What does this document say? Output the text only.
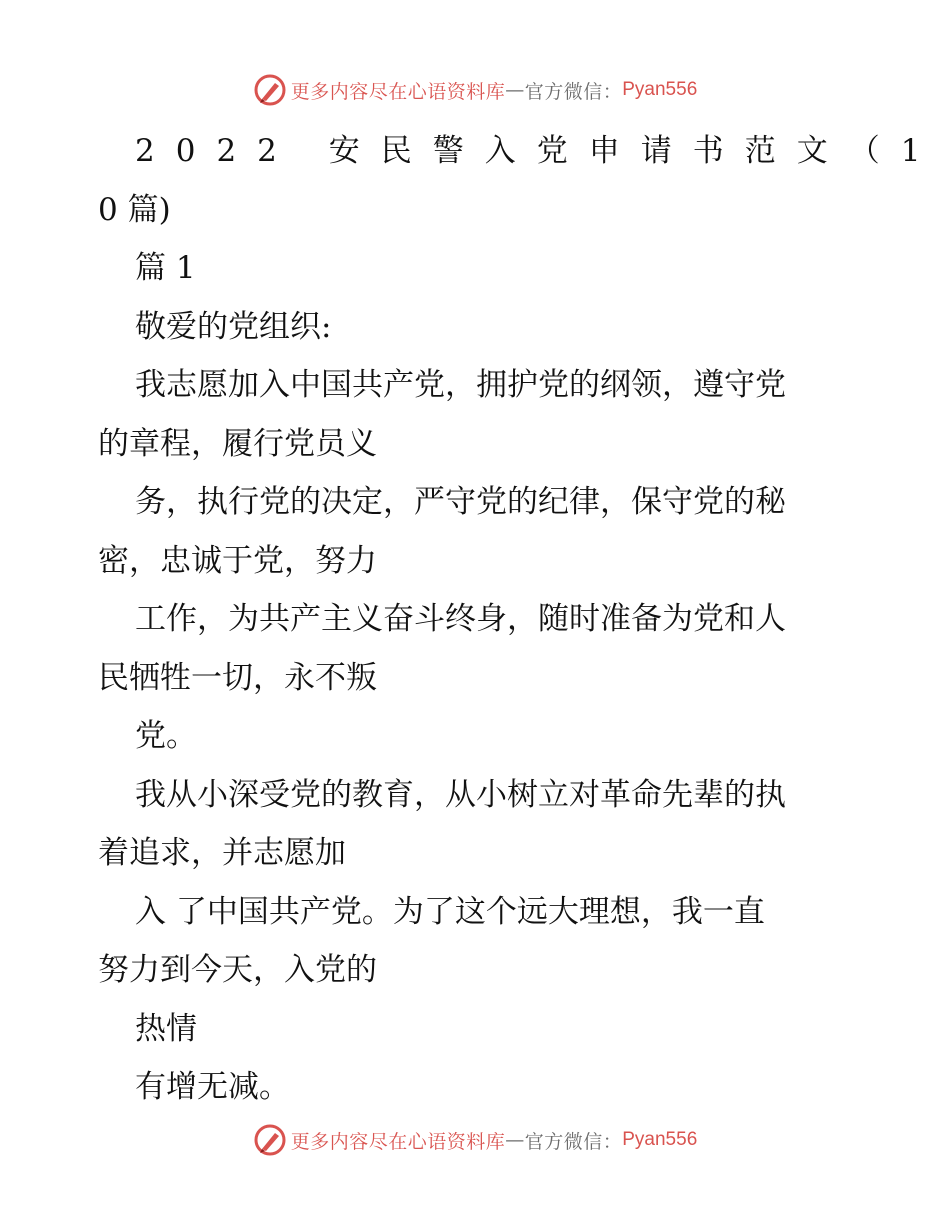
更多内容尽在心语资料库 — 官方微信： Pyan556
2022 安民警入党申请书范文（1
0 篇)
篇 1
敬爱的党组织:
我志愿加入中国共产党，拥护党的纲领，遵守党
的章程，履行党员义
务，执行党的决定，严守党的纪律，保守党的秘
密，忠诚于党，努力
工作，为共产主义奋斗终身，随时准备为党和人
民牺牲一切，永不叛
党。
我从小深受党的教育，从小树立对革命先辈的执
着追求，并志愿加
入 了中国共产党。为了这个远大理想，我一直
努力到今天，入党的
热情
有增无减。
更多内容尽在心语资料库 — 官方微信： Pyan556
